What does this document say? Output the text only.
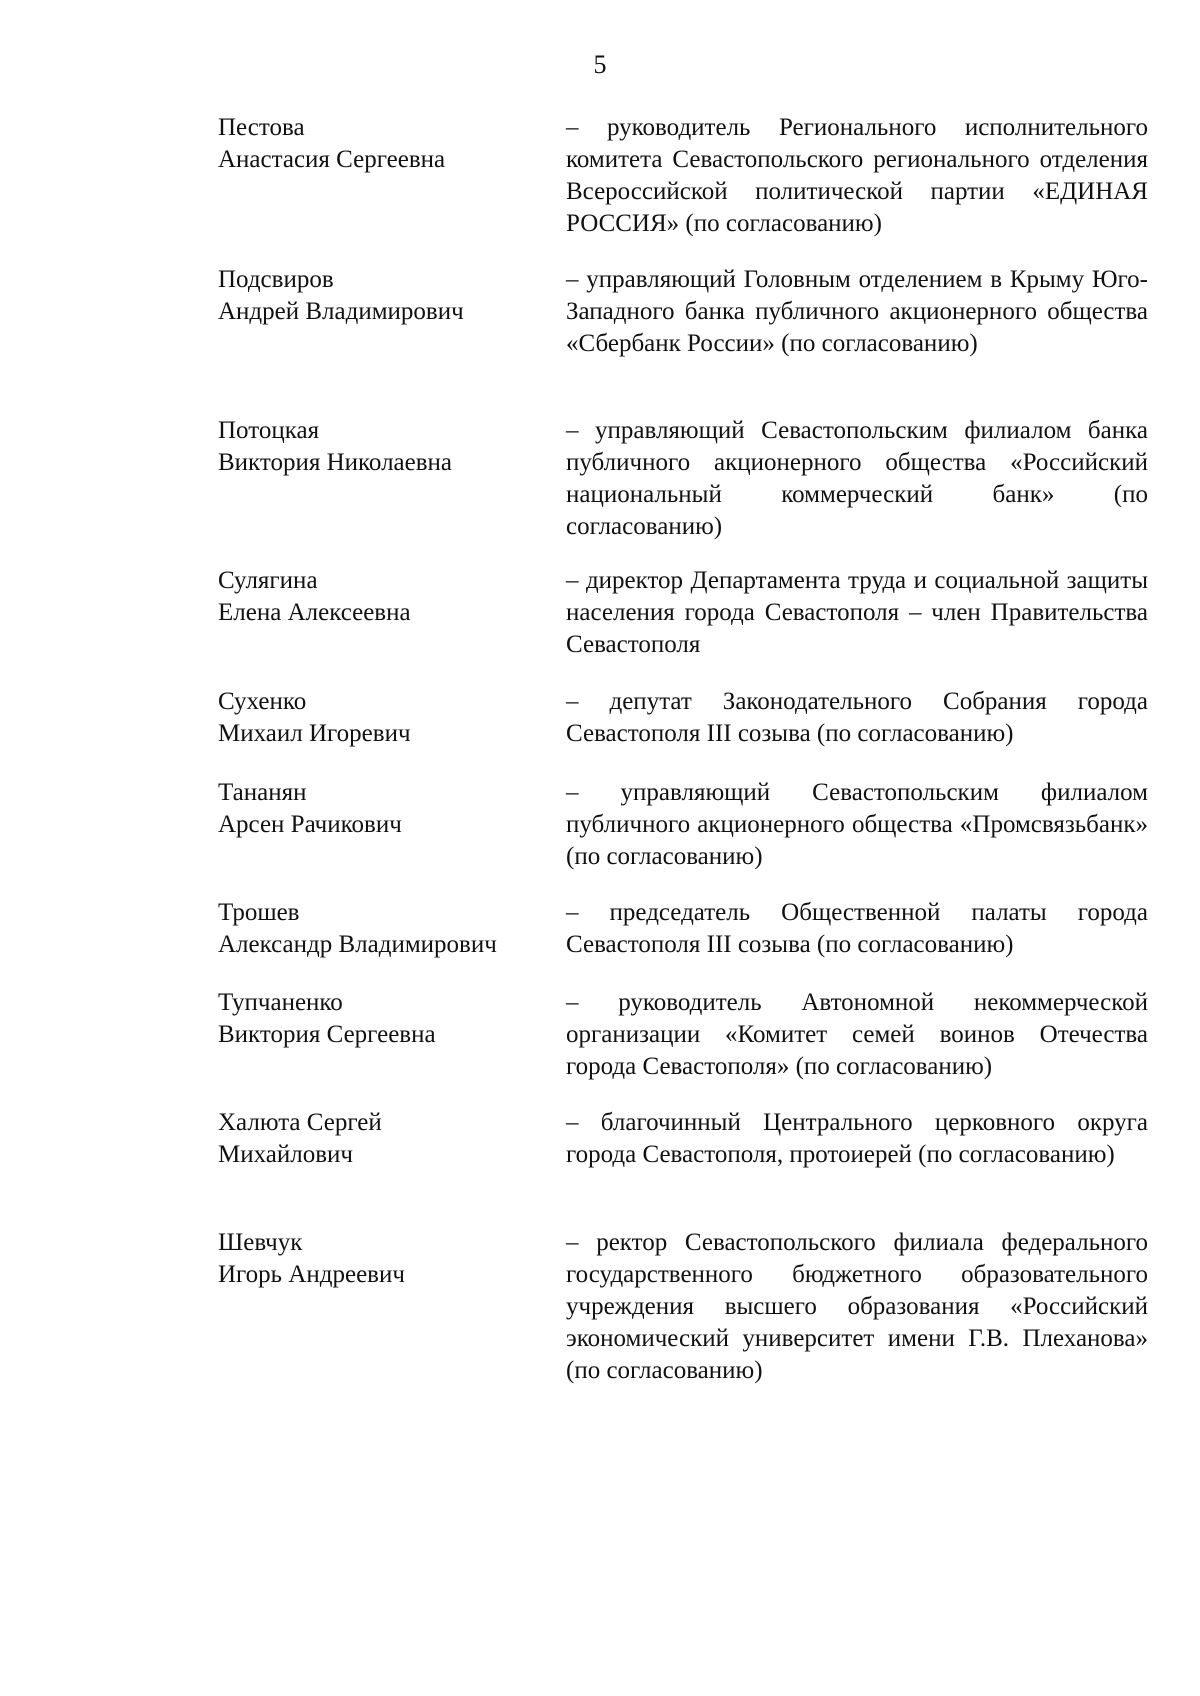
5
Пестова
Анастасия Сергеевна
– руководитель Регионального исполнительного комитета Севастопольского регионального отделения Всероссийской политической партии «ЕДИНАЯ РОССИЯ» (по согласованию)
Подсвиров
Андрей Владимирович
– управляющий Головным отделением в Крыму Юго-Западного банка публичного акционерного общества «Сбербанк России» (по согласованию)
Потоцкая
Виктория Николаевна
– управляющий Севастопольским филиалом банка публичного акционерного общества «Российский национальный коммерческий банк» (по согласованию)
Сулягина
Елена Алексеевна
– директор Департамента труда и социальной защиты населения города Севастополя – член Правительства Севастополя
Сухенко
Михаил Игоревич
– депутат Законодательного Собрания города Севастополя III созыва (по согласованию)
Тананян
Арсен Рачикович
– управляющий Севастопольским филиалом публичного акционерного общества «Промсвязьбанк» (по согласованию)
Трошев
Александр Владимирович
– председатель Общественной палаты города Севастополя III созыва (по согласованию)
Тупчаненко
Виктория Сергеевна
– руководитель Автономной некоммерческой организации «Комитет семей воинов Отечества города Севастополя» (по согласованию)
Халюта Сергей
Михайлович
– благочинный Центрального церковного округа города Севастополя, протоиерей (по согласованию)
Шевчук
Игорь Андреевич
– ректор Севастопольского филиала федерального государственного бюджетного образовательного учреждения высшего образования «Российский экономический университет имени Г.В. Плеханова» (по согласованию)
